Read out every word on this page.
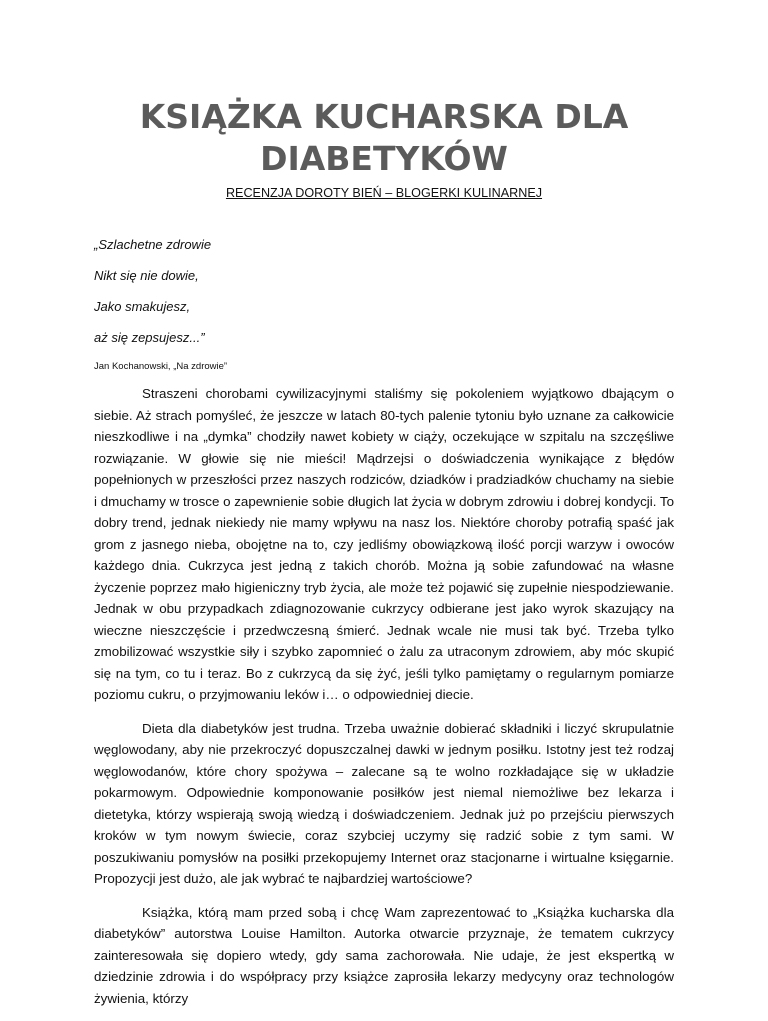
KSIĄŻKA KUCHARSKA DLA DIABETYKÓW

RECENZJA DOROTY BIEŃ – BLOGERKI KULINARNEJ

„Szlachetne zdrowie

Nikt się nie dowie,

Jako smakujesz,

aż się zepsujesz...”

Jan Kochanowski, „Na zdrowie”

Straszeni chorobami cywilizacyjnymi staliśmy się pokoleniem wyjątkowo dbającym o siebie. Aż strach pomyśleć, że jeszcze w latach 80-tych palenie tytoniu było uznane za całkowicie nieszkodliwe i na „dymka” chodziły nawet kobiety w ciąży, oczekujące w szpitalu na szczęśliwe rozwiązanie. W głowie się nie mieści! Mądrzejsi o doświadczenia wynikające z błędów popełnionych w przeszłości przez naszych rodziców, dziadków i pradziadków chuchamy na siebie i dmuchamy w trosce o zapewnienie sobie długich lat życia w dobrym zdrowiu i dobrej kondycji. To dobry trend, jednak niekiedy nie mamy wpływu na nasz los. Niektóre choroby potrafią spaść jak grom z jasnego nieba, obojętne na to, czy jedliśmy obowiązkową ilość porcji warzyw i owoców każdego dnia. Cukrzyca jest jedną z takich chorób. Można ją sobie zafundować na własne życzenie poprzez mało higieniczny tryb życia, ale może też pojawić się zupełnie niespodziewanie. Jednak w obu przypadkach zdiagnozowanie cukrzycy odbierane jest jako wyrok skazujący na wieczne nieszczęście i przedwczesną śmierć. Jednak wcale nie musi tak być. Trzeba tylko zmobilizować wszystkie siły i szybko zapomnieć o żalu za utraconym zdrowiem, aby móc skupić się na tym, co tu i teraz. Bo z cukrzycą da się żyć, jeśli tylko pamiętamy o regularnym pomiarze poziomu cukru, o przyjmowaniu leków i… o odpowiedniej diecie.

Dieta dla diabetyków jest trudna. Trzeba uważnie dobierać składniki i liczyć skrupulatnie węglowodany, aby nie przekroczyć dopuszczalnej dawki w jednym posiłku. Istotny jest też rodzaj węglowodanów, które chory spożywa – zalecane są te wolno rozkładające się w układzie pokarmowym. Odpowiednie komponowanie posiłków jest niemal niemożliwe bez lekarza i dietetyka, którzy wspierają swoją wiedzą i doświadczeniem. Jednak już po przejściu pierwszych kroków w tym nowym świecie, coraz szybciej uczymy się radzić sobie z tym sami. W poszukiwaniu pomysłów na posiłki przekopujemy Internet oraz stacjonarne i wirtualne księgarnie. Propozycji jest dużo, ale jak wybrać te najbardziej wartościowe?

Książka, którą mam przed sobą i chcę Wam zaprezentować to „Książka kucharska dla diabetyków” autorstwa Louise Hamilton. Autorka otwarcie przyznaje, że tematem cukrzycy zainteresowała się dopiero wtedy, gdy sama zachorowała. Nie udaje, że jest ekspertką w dziedzinie zdrowia i do współpracy przy książce zaprosiła lekarzy medycyny oraz technologów żywienia, którzy
